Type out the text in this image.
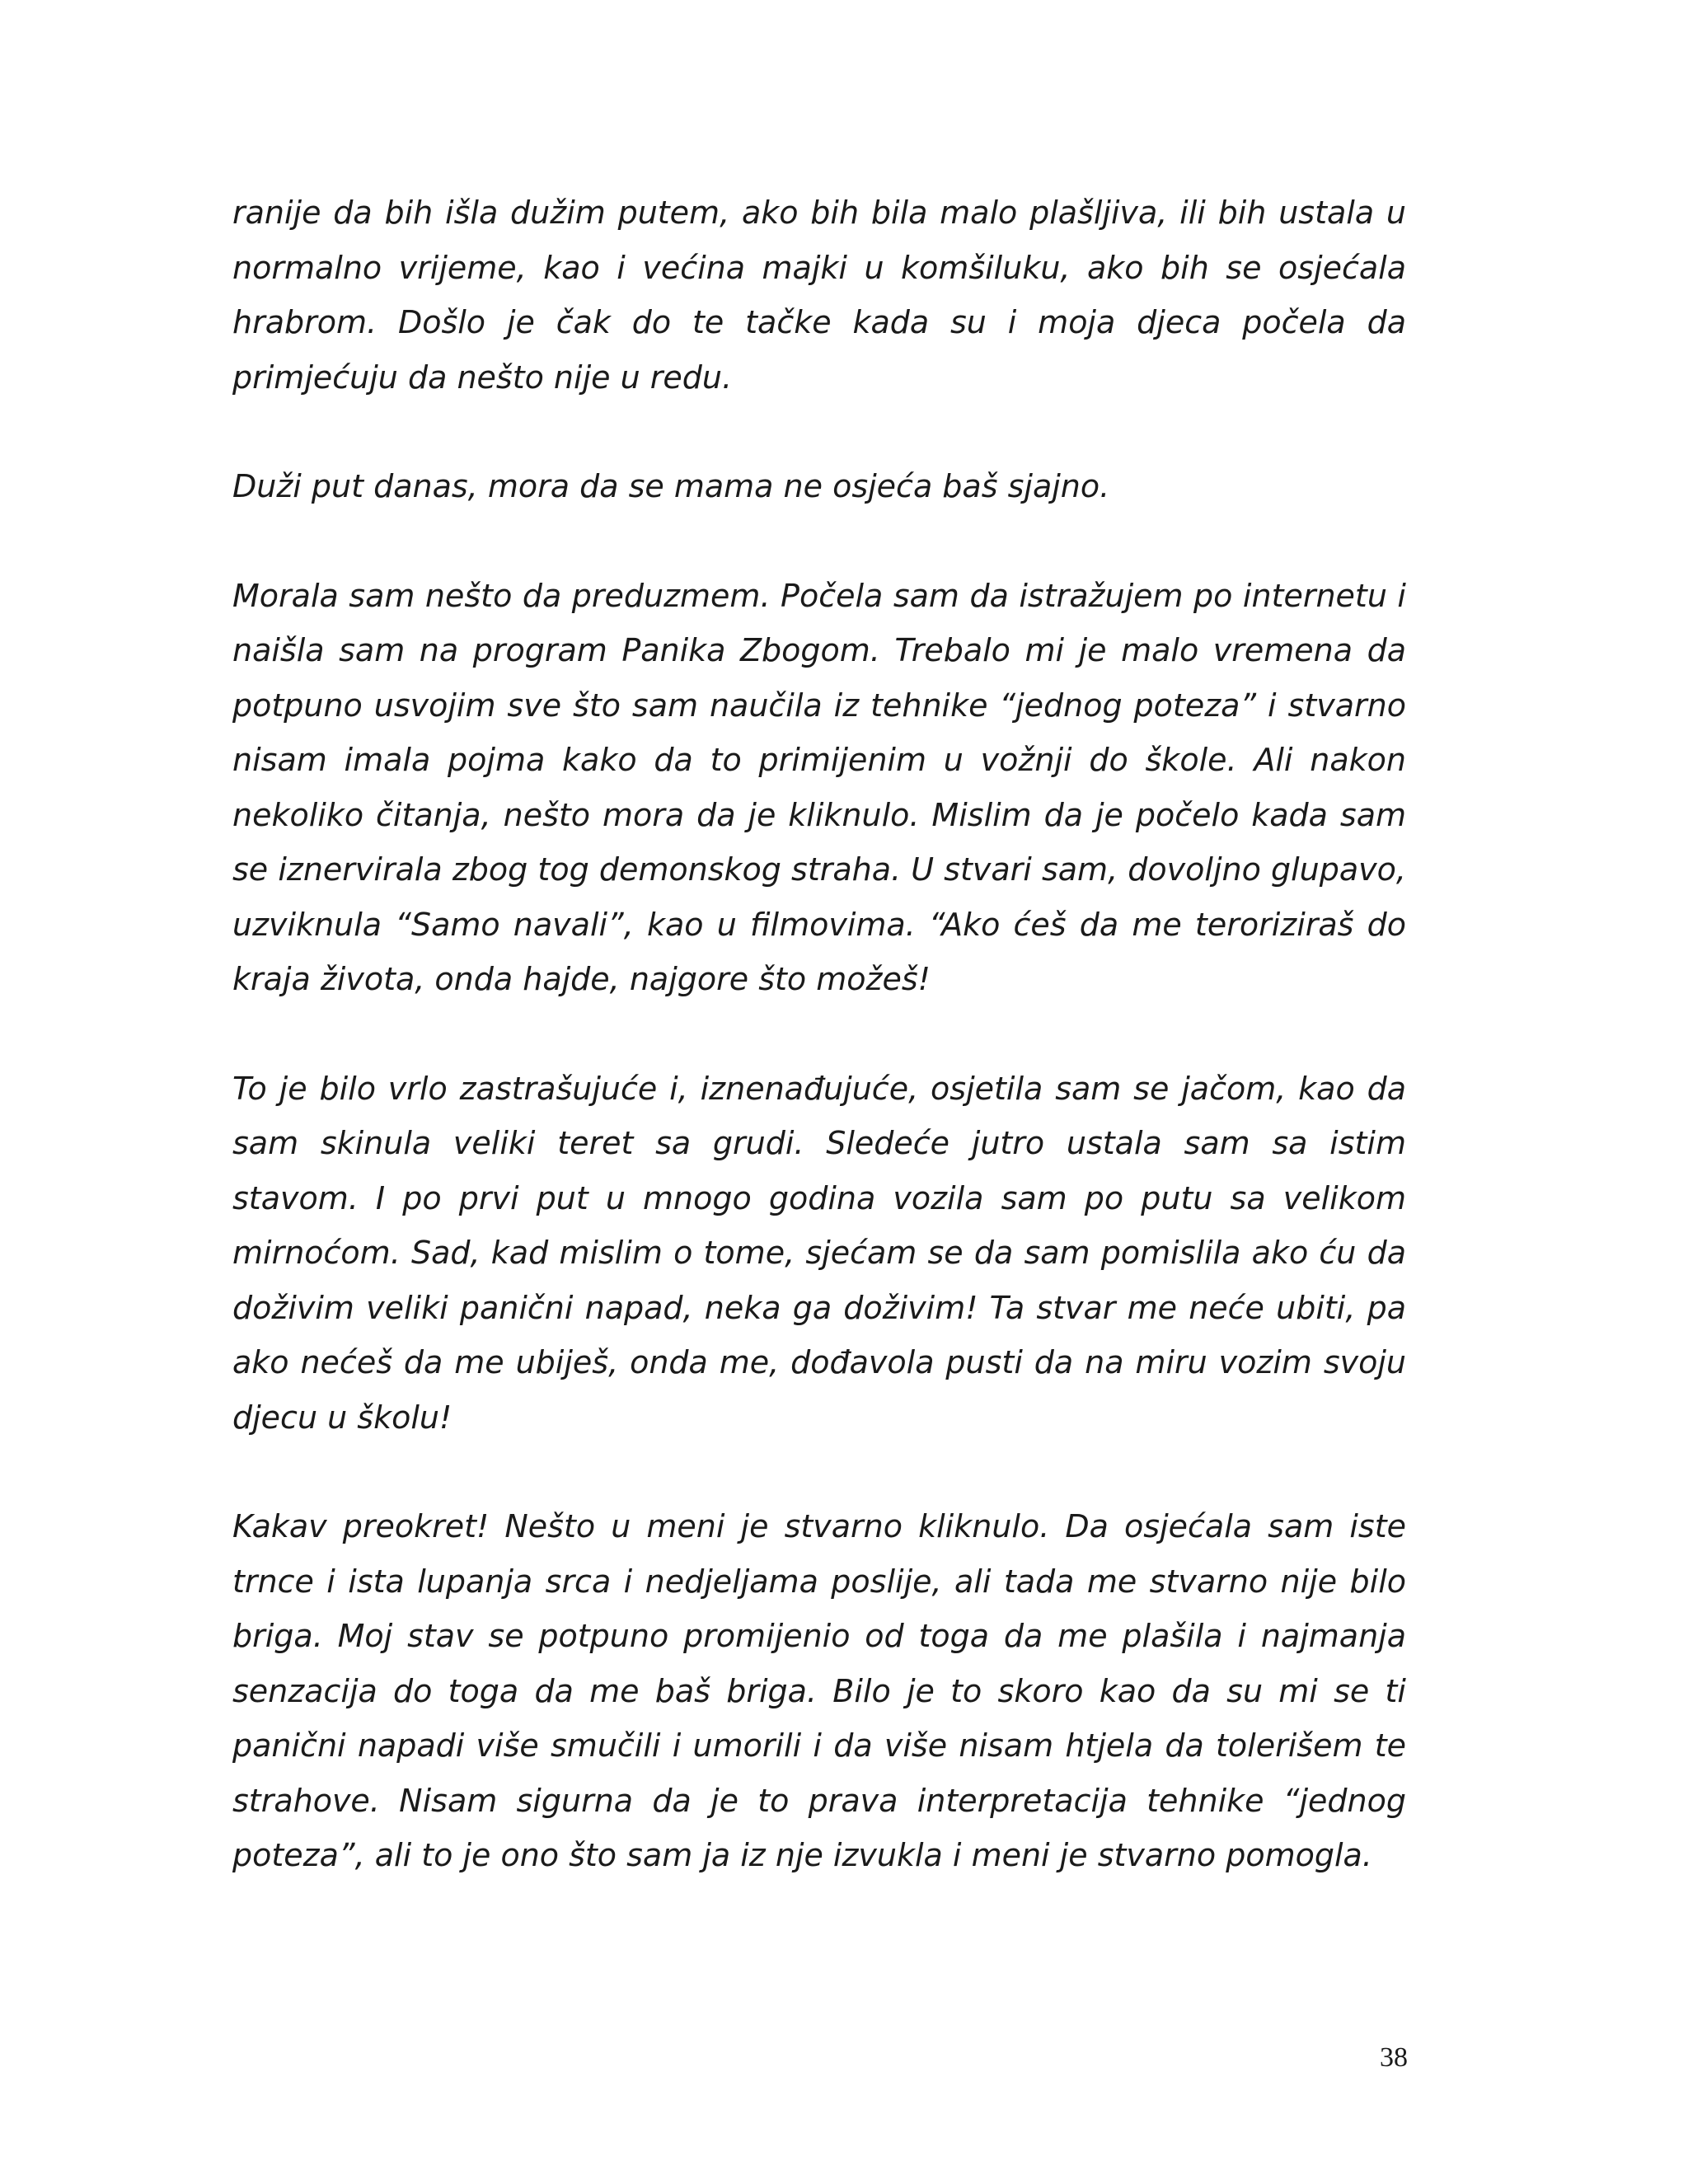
ranije da bih išla dužim putem, ako bih bila malo plašljiva, ili bih ustala u normalno vrijeme, kao i većina majki u komšiluku, ako bih se osjećala hrabrom. Došlo je čak do te tačke kada su i moja djeca počela da primjećuju da nešto nije u redu.

Duži put danas, mora da se mama ne osjeća baš sjajno.

Morala sam nešto da preduzmem. Počela sam da istražujem po internetu i naišla sam na program Panika Zbogom. Trebalo mi je malo vremena da potpuno usvojim sve što sam naučila iz tehnike “jednog poteza” i stvarno nisam imala pojma kako da to primijenim u vožnji do škole. Ali nakon nekoliko čitanja, nešto mora da je kliknulo. Mislim da je počelo kada sam se iznervirala zbog tog demonskog straha. U stvari sam, dovoljno glupavo, uzviknula “Samo navali”, kao u filmovima. “Ako ćeš da me teroriziraš do kraja života, onda hajde, najgore što možeš!

To je bilo vrlo zastrašujuće i, iznenađujuće, osjetila sam se jačom, kao da sam skinula veliki teret sa grudi. Sledeće jutro ustala sam sa istim stavom. I po prvi put u mnogo godina vozila sam po putu sa velikom mirnoćom. Sad, kad mislim o tome, sjećam se da sam pomislila ako ću da doživim veliki panični napad, neka ga doživim! Ta stvar me neće ubiti, pa ako nećeš da me ubiješ, onda me, dođavola pusti da na miru vozim svoju djecu u školu!

Kakav preokret! Nešto u meni je stvarno kliknulo. Da osjećala sam iste trnce i ista lupanja srca i nedjeljama poslije, ali tada me stvarno nije bilo briga. Moj stav se potpuno promijenio od toga da me plašila i najmanja senzacija do toga da me baš briga. Bilo je to skoro kao da su mi se ti panični napadi više smučili i umorili i da više nisam htjela da tolerišem te strahove. Nisam sigurna da je to prava interpretacija tehnike “jednog poteza”, ali to je ono što sam ja iz nje izvukla i meni je stvarno pomogla.

38
